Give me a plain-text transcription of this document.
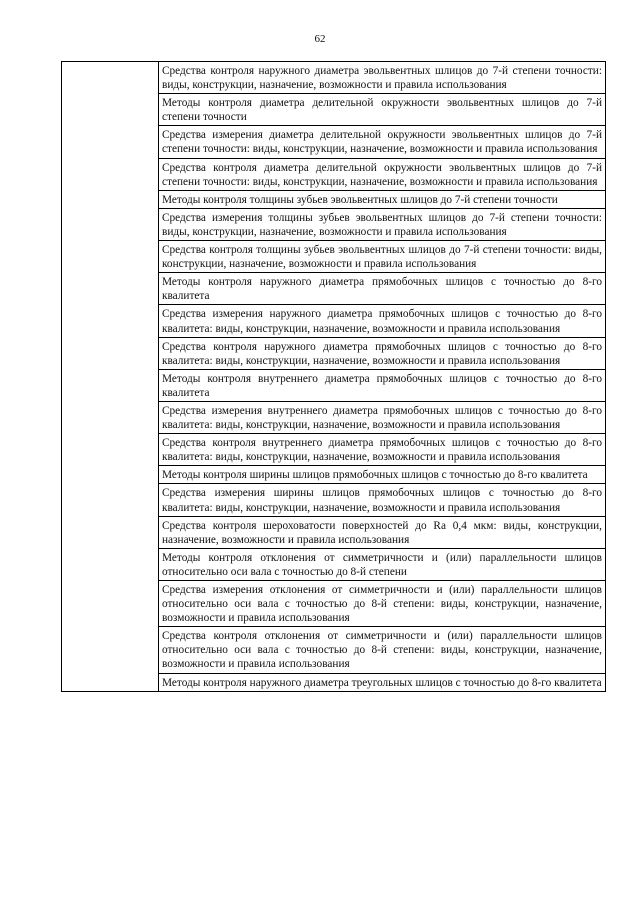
62
	Средства контроля наружного диаметра эвольвентных шлицов до 7-й степени точности: виды, конструкции, назначение, возможности и правила использования
Методы контроля диаметра делительной окружности эвольвентных шлицов до 7-й степени точности
Средства измерения диаметра делительной окружности эвольвентных шлицов до 7-й степени точности: виды, конструкции, назначение, возможности и правила использования
Средства контроля диаметра делительной окружности эвольвентных шлицов до 7-й степени точности: виды, конструкции, назначение, возможности и правила использования
Методы контроля толщины зубьев эвольвентных шлицов до 7-й степени точности
Средства измерения толщины зубьев эвольвентных шлицов до 7-й степени точности: виды, конструкции, назначение, возможности и правила использования
Средства контроля толщины зубьев эвольвентных шлицов до 7-й степени точности: виды, конструкции, назначение, возможности и правила использования
Методы контроля наружного диаметра прямобочных шлицов с точностью до 8-го квалитета
Средства измерения наружного диаметра прямобочных шлицов с точностью до 8-го квалитета: виды, конструкции, назначение, возможности и правила использования
Средства контроля наружного диаметра прямобочных шлицов с точностью до 8-го квалитета: виды, конструкции, назначение, возможности и правила использования
Методы контроля внутреннего диаметра прямобочных шлицов с точностью до 8-го квалитета
Средства измерения внутреннего диаметра прямобочных шлицов с точностью до 8-го квалитета: виды, конструкции, назначение, возможности и правила использования
Средства контроля внутреннего диаметра прямобочных шлицов с точностью до 8-го квалитета: виды, конструкции, назначение, возможности и правила использования
Методы контроля ширины шлицов прямобочных шлицов с точностью до 8-го квалитета
Средства измерения ширины шлицов прямобочных шлицов с точностью до 8-го квалитета: виды, конструкции, назначение, возможности и правила использования
Средства контроля шероховатости поверхностей до Ra 0,4 мкм: виды, конструкции, назначение, возможности и правила использования
Методы контроля отклонения от симметричности и (или) параллельности шлицов относительно оси вала с точностью до 8-й степени
Средства измерения отклонения от симметричности и (или) параллельности шлицов относительно оси вала с точностью до 8-й степени: виды, конструкции, назначение, возможности и правила использования
Средства контроля отклонения от симметричности и (или) параллельности шлицов относительно оси вала с точностью до 8-й степени: виды, конструкции, назначение, возможности и правила использования
Методы контроля наружного диаметра треугольных шлицов с точностью до 8-го квалитета
